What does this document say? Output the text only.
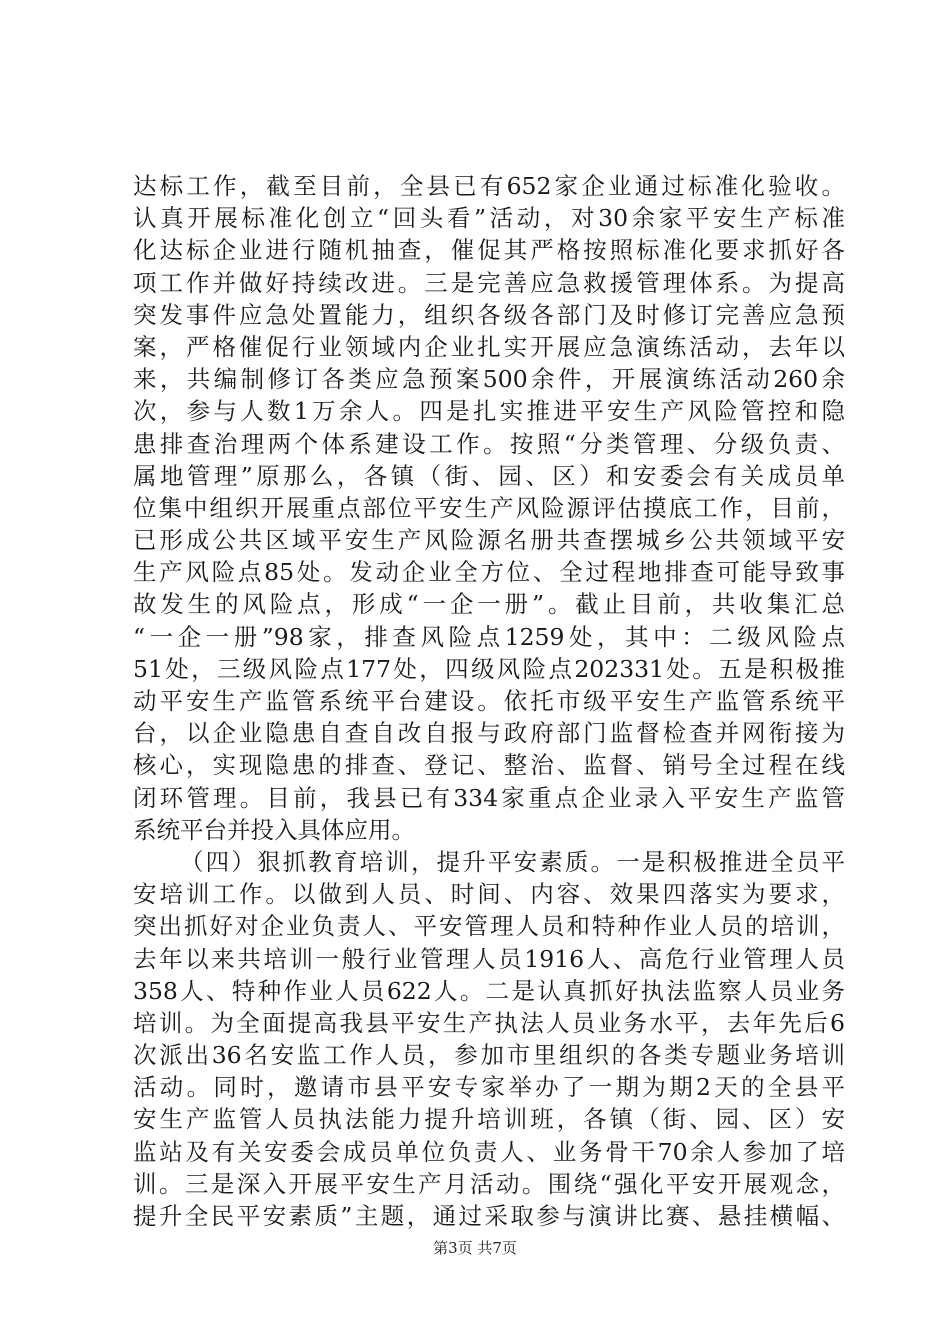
达标工作，截至目前，全县已有652家企业通过标准化验收。
认真开展标准化创立“回头看”活动，对30余家平安生产标准
化达标企业进行随机抽查，催促其严格按照标准化要求抓好各
项工作并做好持续改进。三是完善应急救援管理体系。为提高
突发事件应急处置能力，组织各级各部门及时修订完善应急预
案，严格催促行业领域内企业扎实开展应急演练活动，去年以
来，共编制修订各类应急预案500余件，开展演练活动260余
次，参与人数1万余人。四是扎实推进平安生产风险管控和隐
患排查治理两个体系建设工作。按照“分类管理、分级负责、
属地管理”原那么，各镇（街、园、区）和安委会有关成员单
位集中组织开展重点部位平安生产风险源评估摸底工作，目前，
已形成公共区域平安生产风险源名册共查摆城乡公共领域平安
生产风险点85处。发动企业全方位、全过程地排查可能导致事
故发生的风险点，形成“一企一册”。截止目前，共收集汇总
“一企一册”98家，排查风险点1259处，其中：二级风险点
51处，三级风险点177处，四级风险点202331处。五是积极推
动平安生产监管系统平台建设。依托市级平安生产监管系统平
台，以企业隐患自查自改自报与政府部门监督检查并网衔接为
核心，实现隐患的排查、登记、整治、监督、销号全过程在线
闭环管理。目前，我县已有334家重点企业录入平安生产监管
系统平台并投入具体应用。
（四）狠抓教育培训，提升平安素质。一是积极推进全员平
安培训工作。以做到人员、时间、内容、效果四落实为要求，
突出抓好对企业负责人、平安管理人员和特种作业人员的培训，
去年以来共培训一般行业管理人员1916人、高危行业管理人员
358人、特种作业人员622人。二是认真抓好执法监察人员业务
培训。为全面提高我县平安生产执法人员业务水平，去年先后6
次派出36名安监工作人员，参加市里组织的各类专题业务培训
活动。同时，邀请市县平安专家举办了一期为期2天的全县平
安生产监管人员执法能力提升培训班，各镇（街、园、区）安
监站及有关安委会成员单位负责人、业务骨干70余人参加了培
训。三是深入开展平安生产月活动。围绕“强化平安开展观念，
提升全民平安素质”主题，通过采取参与演讲比赛、悬挂横幅、
第3页 共7页
